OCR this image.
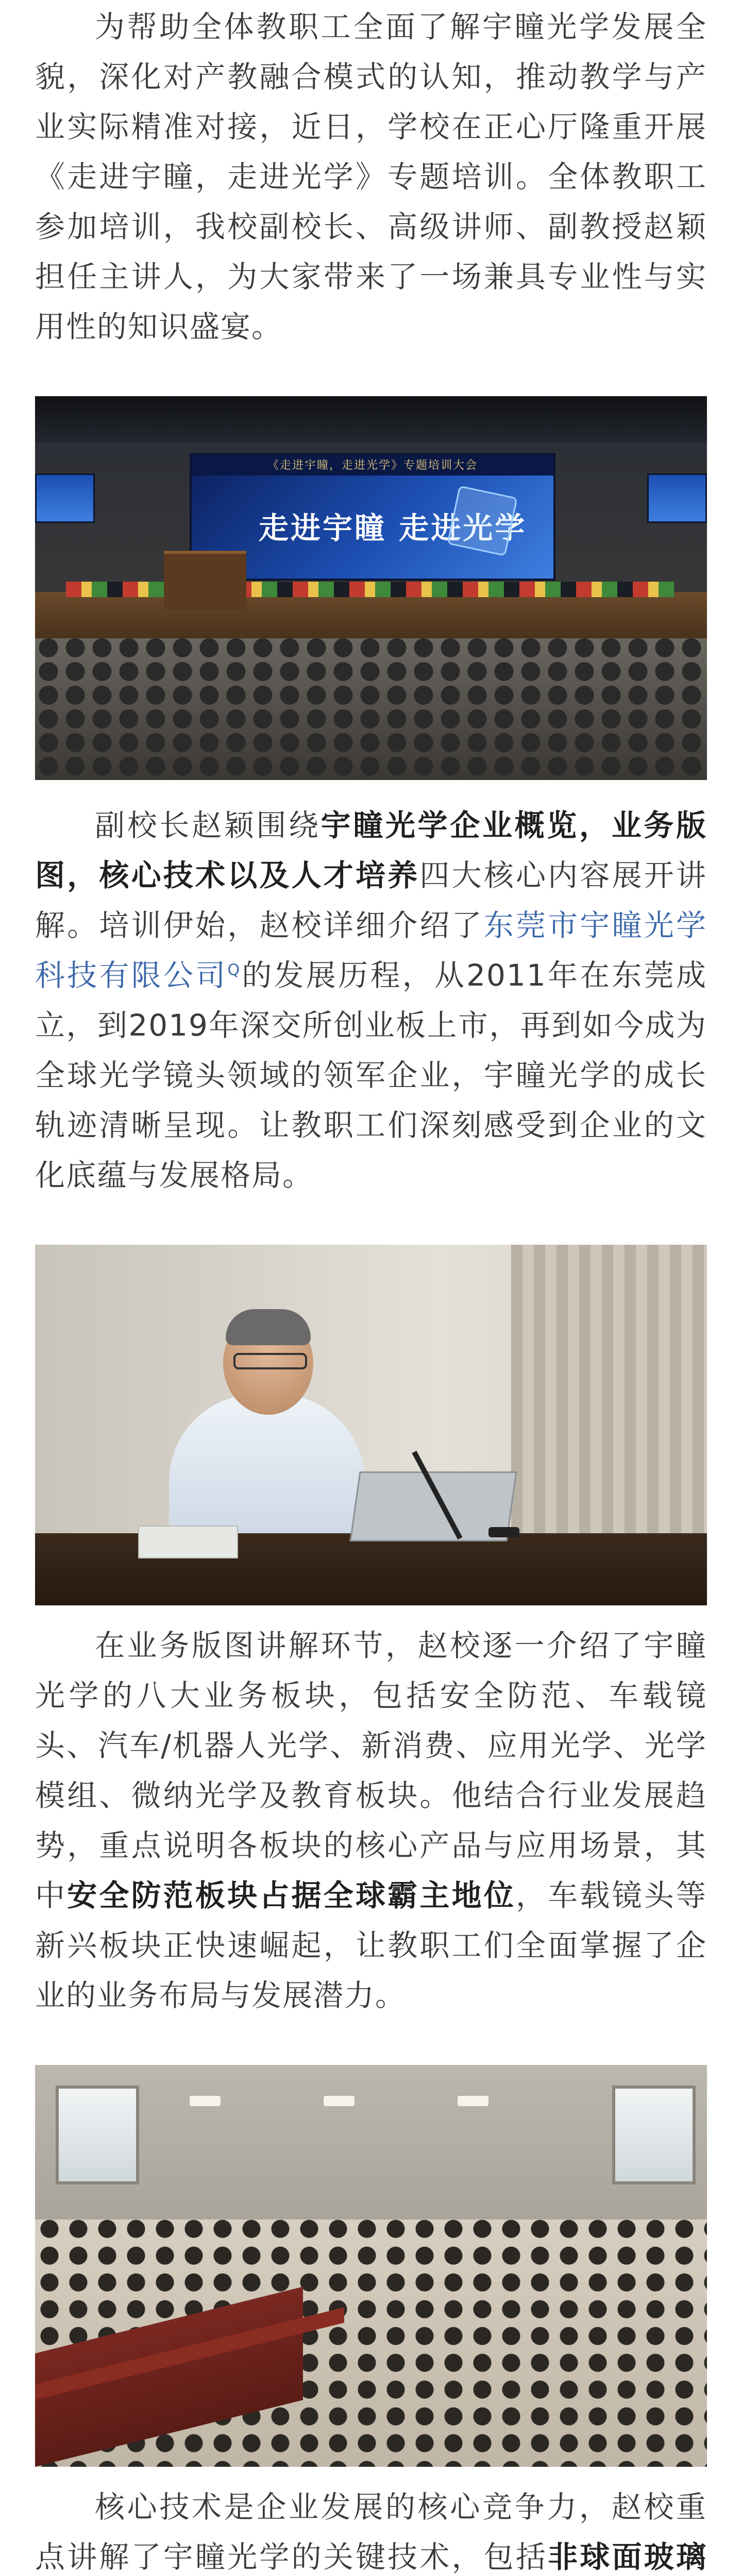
为帮助全体教职工全面了解宇瞳光学发展全貌，深化对产教融合模式的认知，推动教学与产业实际精准对接，近日，学校在正心厅隆重开展《走进宇瞳，走进光学》专题培训。全体教职工参加培训，我校副校长、高级讲师、副教授赵颖担任主讲人，为大家带来了一场兼具专业性与实用性的知识盛宴。

《走进宇瞳，走进光学》专题培训大会
走进宇瞳 走进光学

副校长赵颖围绕宇瞳光学企业概览，业务版图，核心技术以及人才培养四大核心内容展开讲解。培训伊始，赵校详细介绍了东莞市宇瞳光学科技有限公司$^Q$的发展历程，从2011年在东莞成立，到2019年深交所创业板上市，再到如今成为全球光学镜头领域的领军企业，宇瞳光学的成长轨迹清晰呈现。让教职工们深刻感受到企业的文化底蕴与发展格局。

在业务版图讲解环节，赵校逐一介绍了宇瞳光学的八大业务板块，包括安全防范、车载镜头、汽车/机器人光学、新消费、应用光学、光学模组、微纳光学及教育板块。他结合行业发展趋势，重点说明各板块的核心产品与应用场景，其中安全防范板块占据全球霸主地位，车载镜头等新兴板块正快速崛起，让教职工们全面掌握了企业的业务布局与发展潜力。

核心技术是企业发展的核心竞争力，赵校重点讲解了宇瞳光学的关键技术，包括非球面玻璃
